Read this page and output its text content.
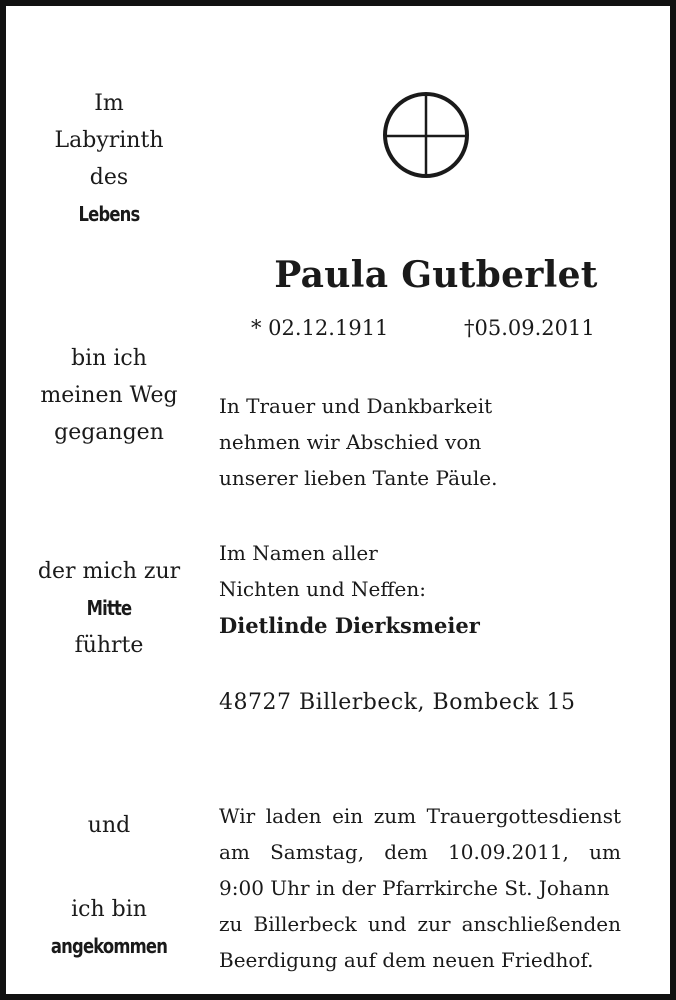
Im
Labyrinth
des
Lebens
bin ich
meinen Weg
gegangen
der mich zur
Mitte
führte
und
ich bin
angekommen
Paula Gutberlet
* 02.12.1911	†05.09.2011
In Trauer und Dankbarkeit
nehmen wir Abschied von
unserer lieben Tante Päule.
Im Namen aller
Nichten und Neffen:
Dietlinde Dierksmeier
48727 Billerbeck, Bombeck 15
Wir laden ein zum Trauergottesdienst
am Samstag, dem 10.09.2011, um
9:00 Uhr in der Pfarrkirche St. Johann
zu Billerbeck und zur anschließenden
Beerdigung auf dem neuen Friedhof.
